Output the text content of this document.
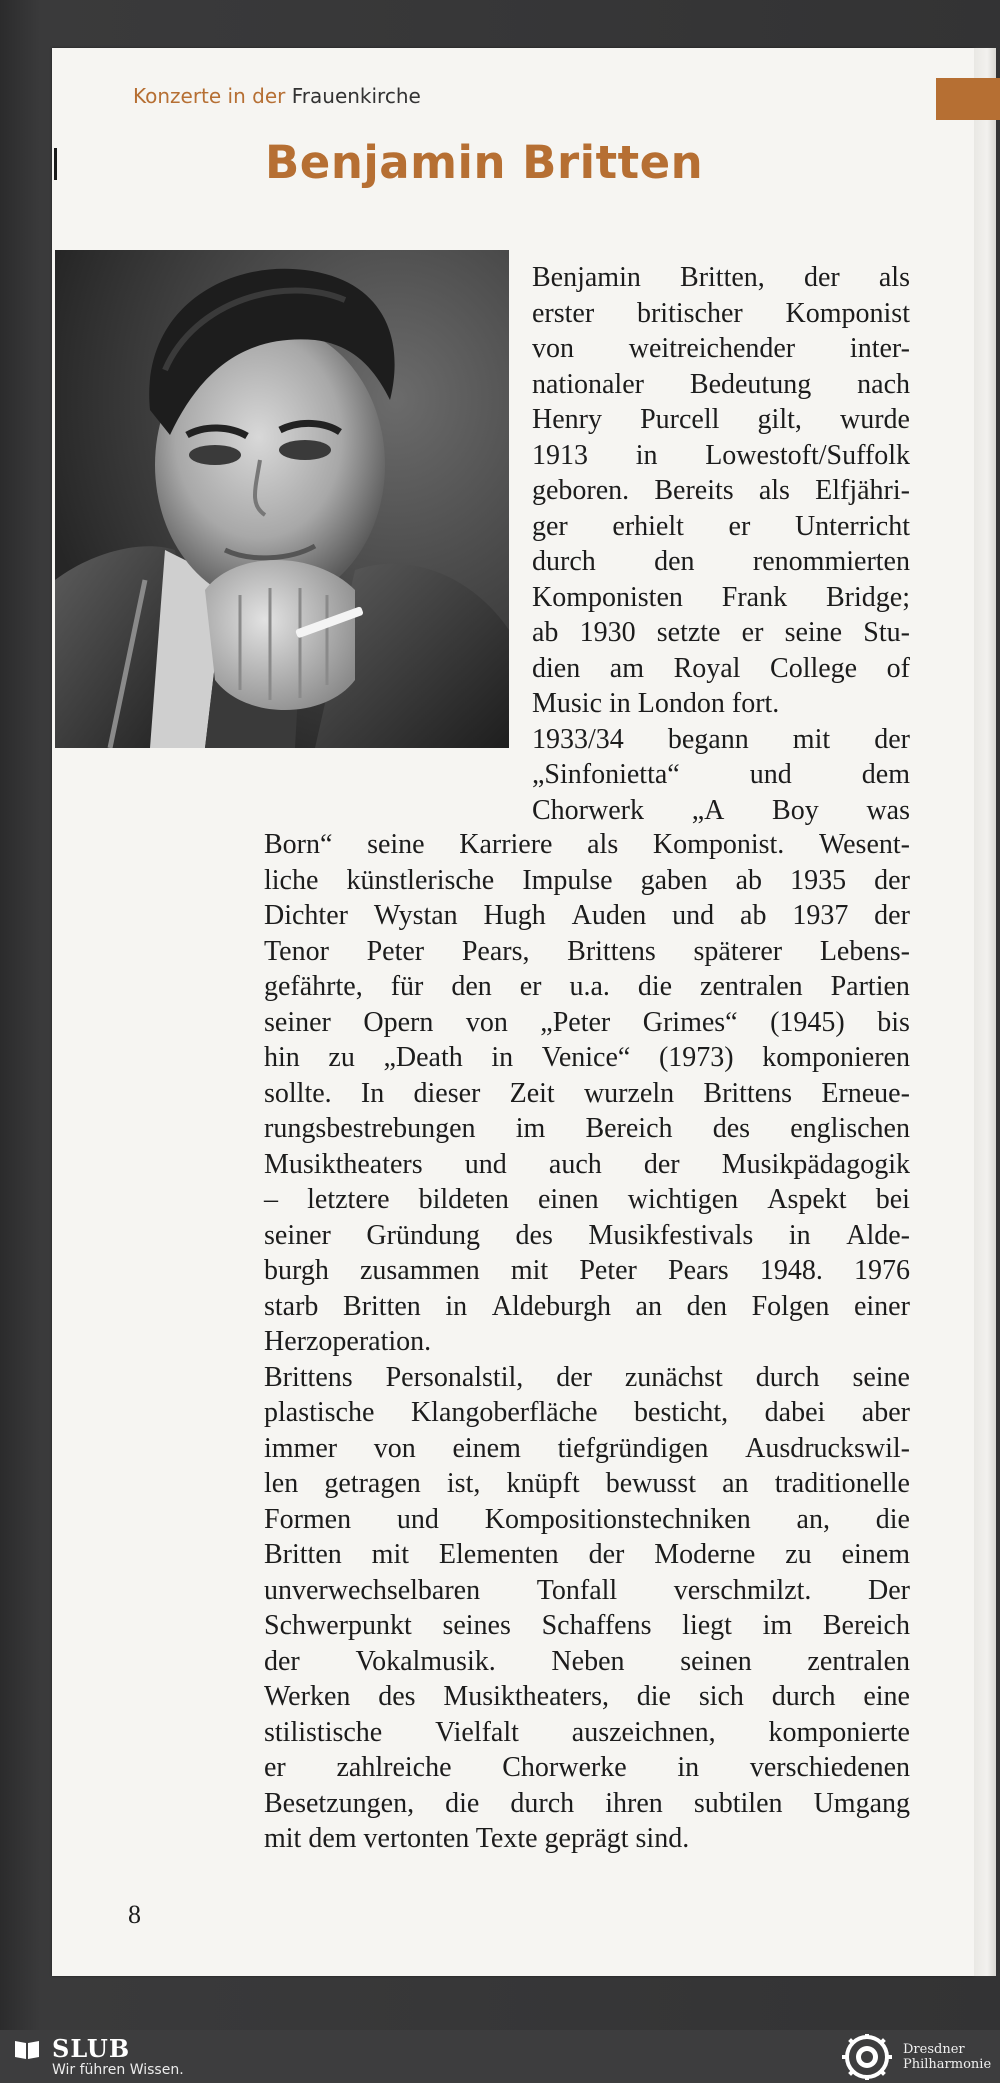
Konzerte in der Frauenkirche
Benjamin Britten
Benjamin Britten, der als
erster britischer Komponist
von weitreichender inter-
nationaler Bedeutung nach
Henry Purcell gilt, wurde
1913 in Lowestoft/Suffolk
geboren. Bereits als Elfjähri-
ger erhielt er Unterricht
durch den renommierten
Komponisten Frank Bridge;
ab 1930 setzte er seine Stu-
dien am Royal College of
Music in London fort.
1933/34 begann mit der
„Sinfonietta“	und	dem
Chorwerk „A Boy was
Born“ seine Karriere als Komponist. Wesent-
liche künstlerische Impulse gaben ab 1935 der
Dichter Wystan Hugh Auden und ab 1937 der
Tenor Peter Pears, Brittens späterer Lebens-
gefährte, für den er u.a. die zentralen Partien
seiner Opern von „Peter Grimes“ (1945) bis
hin zu „Death in Venice“ (1973) komponieren
sollte. In dieser Zeit wurzeln Brittens Erneue-
rungsbestrebungen im Bereich des englischen
Musiktheaters und auch der Musikpädagogik
– letztere bildeten einen wichtigen Aspekt bei
seiner Gründung des Musikfestivals in Alde-
burgh zusammen mit Peter Pears 1948. 1976
starb Britten in Aldeburgh an den Folgen einer
Herzoperation.
Brittens Personalstil, der zunächst durch seine
plastische Klangoberfläche besticht, dabei aber
immer von einem tiefgründigen Ausdruckswil-
len getragen ist, knüpft bewusst an traditionelle
Formen und Kompositionstechniken an, die
Britten mit Elementen der Moderne zu einem
unverwechselbaren Tonfall verschmilzt. Der
Schwerpunkt seines Schaffens liegt im Bereich
der Vokalmusik. Neben seinen zentralen
Werken des Musiktheaters, die sich durch eine
stilistische Vielfalt auszeichnen, komponierte
er zahlreiche Chorwerke in verschiedenen
Besetzungen, die durch ihren subtilen Umgang
mit dem vertonten Texte geprägt sind.
8
SLUB
Wir führen Wissen.
Dresdner
Philharmonie
